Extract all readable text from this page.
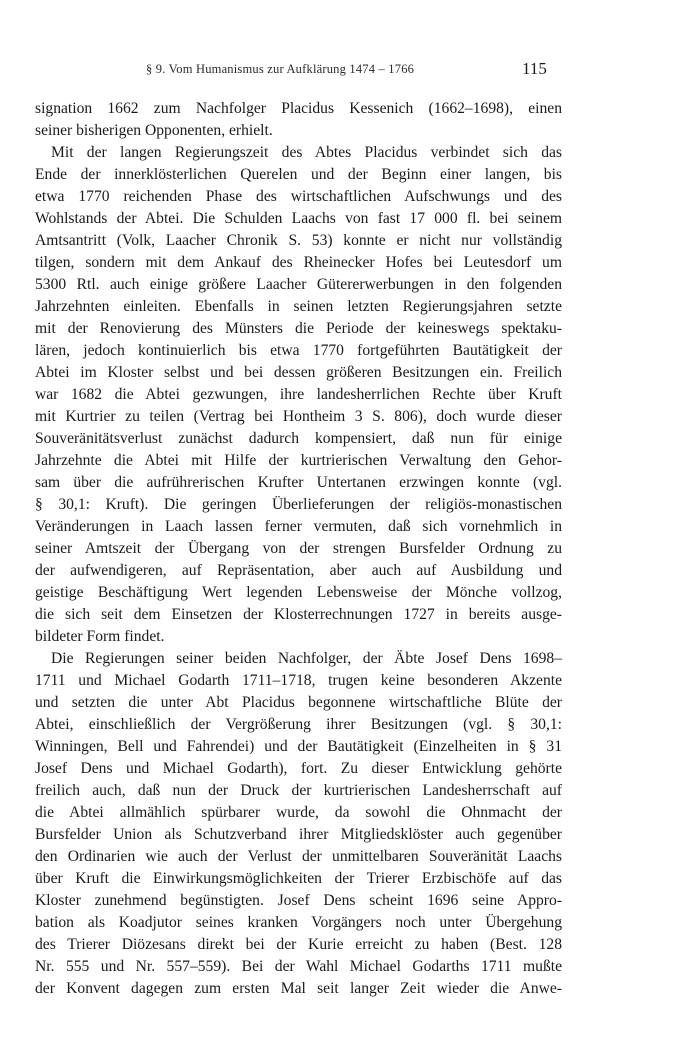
§ 9. Vom Humanismus zur Aufklärung 1474 – 1766	115
signation 1662 zum Nachfolger Placidus Kessenich (1662–1698), einen
seiner bisherigen Opponenten, erhielt.
Mit der langen Regierungszeit des Abtes Placidus verbindet sich das
Ende der innerklösterlichen Querelen und der Beginn einer langen, bis
etwa 1770 reichenden Phase des wirtschaftlichen Aufschwungs und des
Wohlstands der Abtei. Die Schulden Laachs von fast 17 000 fl. bei seinem
Amtsantritt (Volk, Laacher Chronik S. 53) konnte er nicht nur vollständig
tilgen, sondern mit dem Ankauf des Rheinecker Hofes bei Leutesdorf um
5300 Rtl. auch einige größere Laacher Gütererwerbungen in den folgenden
Jahrzehnten einleiten. Ebenfalls in seinen letzten Regierungsjahren setzte
mit der Renovierung des Münsters die Periode der keineswegs spektaku-
lären, jedoch kontinuierlich bis etwa 1770 fortgeführten Bautätigkeit der
Abtei im Kloster selbst und bei dessen größeren Besitzungen ein. Freilich
war 1682 die Abtei gezwungen, ihre landesherrlichen Rechte über Kruft
mit Kurtrier zu teilen (Vertrag bei Hontheim 3 S. 806), doch wurde dieser
Souveränitätsverlust zunächst dadurch kompensiert, daß nun für einige
Jahrzehnte die Abtei mit Hilfe der kurtrierischen Verwaltung den Gehor-
sam über die aufrührerischen Krufter Untertanen erzwingen konnte (vgl.
§ 30,1: Kruft). Die geringen Überlieferungen der religiös-monastischen
Veränderungen in Laach lassen ferner vermuten, daß sich vornehmlich in
seiner Amtszeit der Übergang von der strengen Bursfelder Ordnung zu
der aufwendigeren, auf Repräsentation, aber auch auf Ausbildung und
geistige Beschäftigung Wert legenden Lebensweise der Mönche vollzog,
die sich seit dem Einsetzen der Klosterrechnungen 1727 in bereits ausge-
bildeter Form findet.
Die Regierungen seiner beiden Nachfolger, der Äbte Josef Dens 1698–
1711 und Michael Godarth 1711–1718, trugen keine besonderen Akzente
und setzten die unter Abt Placidus begonnene wirtschaftliche Blüte der
Abtei, einschließlich der Vergrößerung ihrer Besitzungen (vgl. § 30,1:
Winningen, Bell und Fahrendei) und der Bautätigkeit (Einzelheiten in § 31
Josef Dens und Michael Godarth), fort. Zu dieser Entwicklung gehörte
freilich auch, daß nun der Druck der kurtrierischen Landesherrschaft auf
die Abtei allmählich spürbarer wurde, da sowohl die Ohnmacht der
Bursfelder Union als Schutzverband ihrer Mitgliedsklöster auch gegenüber
den Ordinarien wie auch der Verlust der unmittelbaren Souveränität Laachs
über Kruft die Einwirkungsmöglichkeiten der Trierer Erzbischöfe auf das
Kloster zunehmend begünstigten. Josef Dens scheint 1696 seine Appro-
bation als Koadjutor seines kranken Vorgängers noch unter Übergehung
des Trierer Diözesans direkt bei der Kurie erreicht zu haben (Best. 128
Nr. 555 und Nr. 557–559). Bei der Wahl Michael Godarths 1711 mußte
der Konvent dagegen zum ersten Mal seit langer Zeit wieder die Anwe-
